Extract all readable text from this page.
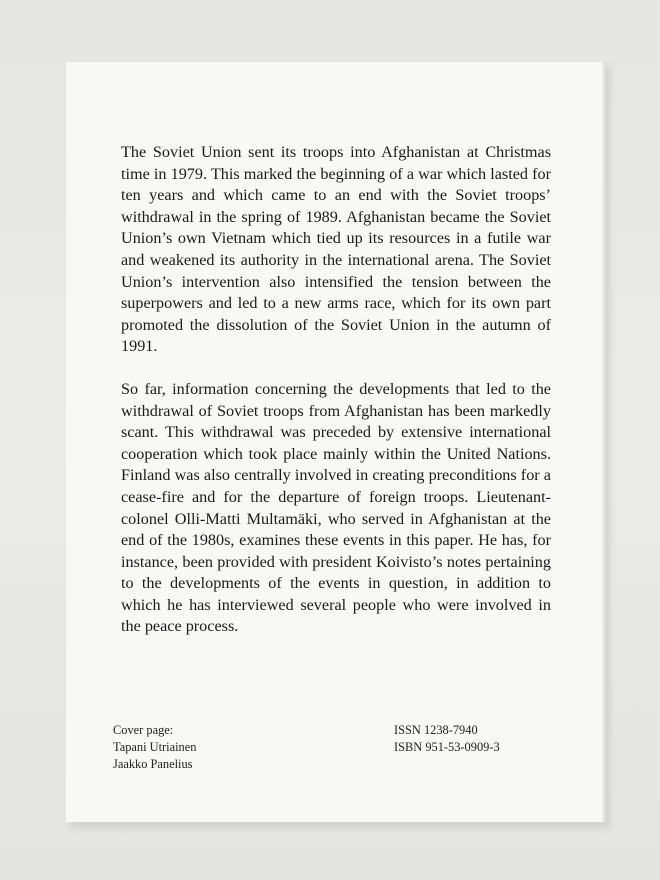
The Soviet Union sent its troops into Afghanistan at Christmas time in 1979. This marked the beginning of a war which lasted for ten years and which came to an end with the Soviet troops’ withdrawal in the spring of 1989. Afghanistan became the Soviet Union’s own Vietnam which tied up its resources in a futile war and weakened its authority in the international arena. The Soviet Union’s intervention also intensified the tension between the superpowers and led to a new arms race, which for its own part promoted the dissolution of the Soviet Union in the autumn of 1991.

So far, information concerning the developments that led to the withdrawal of Soviet troops from Afghanistan has been markedly scant. This withdrawal was preceded by extensive international cooperation which took place mainly within the United Nations. Finland was also centrally involved in creating preconditions for a cease-fire and for the departure of foreign troops. Lieutenant-colonel Olli-Matti Multamäki, who served in Afghanistan at the end of the 1980s, examines these events in this paper. He has, for instance, been provided with president Koivisto’s notes pertaining to the developments of the events in question, in addition to which he has interviewed several people who were involved in the peace process.

Cover page:
Tapani Utriainen
Jaakko Panelius
ISSN 1238-7940
ISBN 951-53-0909-3
